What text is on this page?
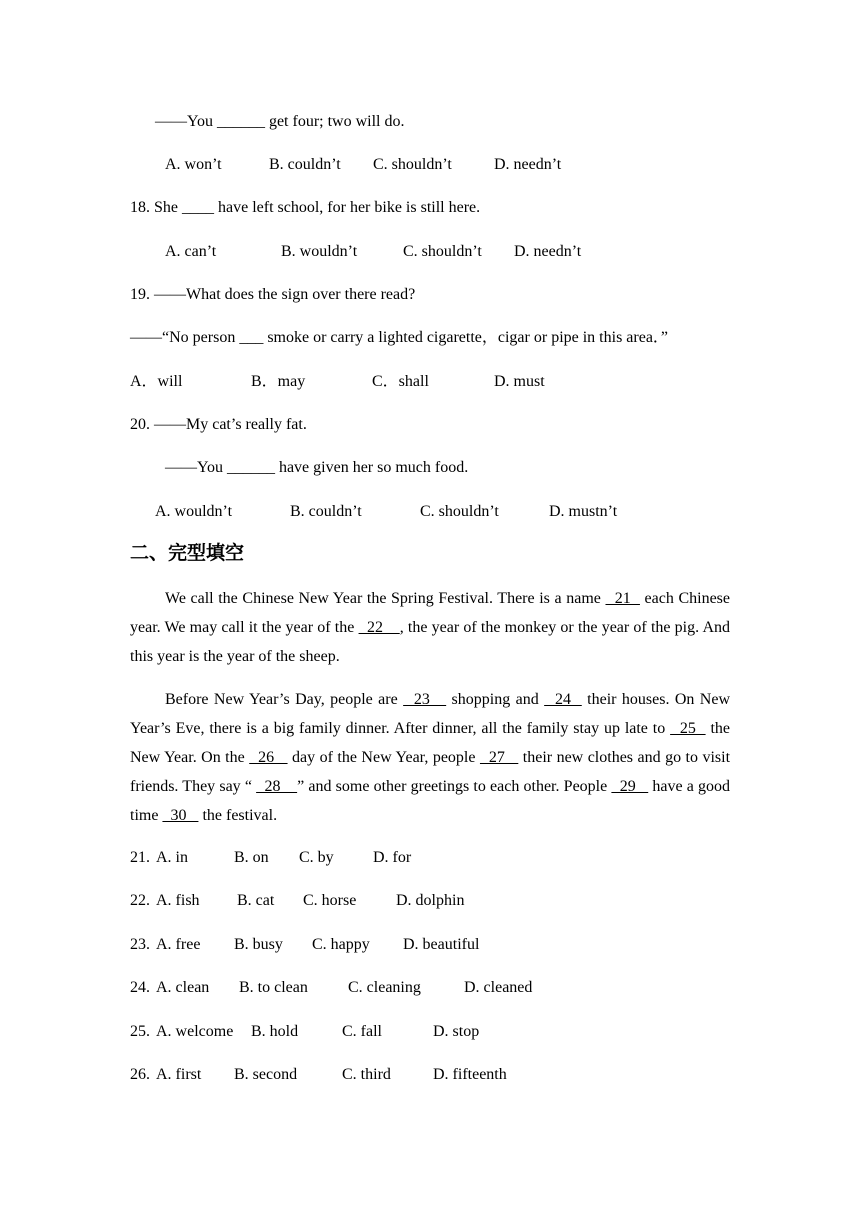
——You ______ get four; two will do.
A. won’t	B. couldn’t C. shouldn’t	D. needn’t
18. She ____ have left school, for her bike is still here.
A. can’t	B. wouldn’t	C. shouldn’t D. needn’t
19. ——What does the sign over there read?
——“No person ___ smoke or carry a lighted cigarette，cigar or pipe in this area．”
A．will	B．may	C．shall	D. must
20. ——My cat’s really fat.
——You ______ have given her so much food.
A. wouldn’t	B. couldn’t	C. shouldn’t	D. mustn’t
二、完型填空
We call the Chinese New Year the Spring Festival. There is a name   21   each Chinese year. We may call it the year of the   22    , the year of the monkey or the year of the pig. And this year is the year of the sheep.
Before New Year’s Day, people are   23    shopping and   24   their houses. On New Year’s Eve, there is a big family dinner. After dinner, all the family stay up late to   25   the New Year. On the   26    day of the New Year, people   27    their new clothes and go to visit friends. They say “   28    ” and some other greetings to each other. People   29    have a good time   30    the festival.
21. A. in	B. on C. by D. for
22. A. fish B. cat C. horse D. dolphin
23. A. free B. busy C. happy D. beautiful
24. A. clean B. to clean	C. cleaning	D. cleaned
25. A. welcome B. hold	C. fall	D. stop
26. A. first B. second	C. third	D. fifteenth
